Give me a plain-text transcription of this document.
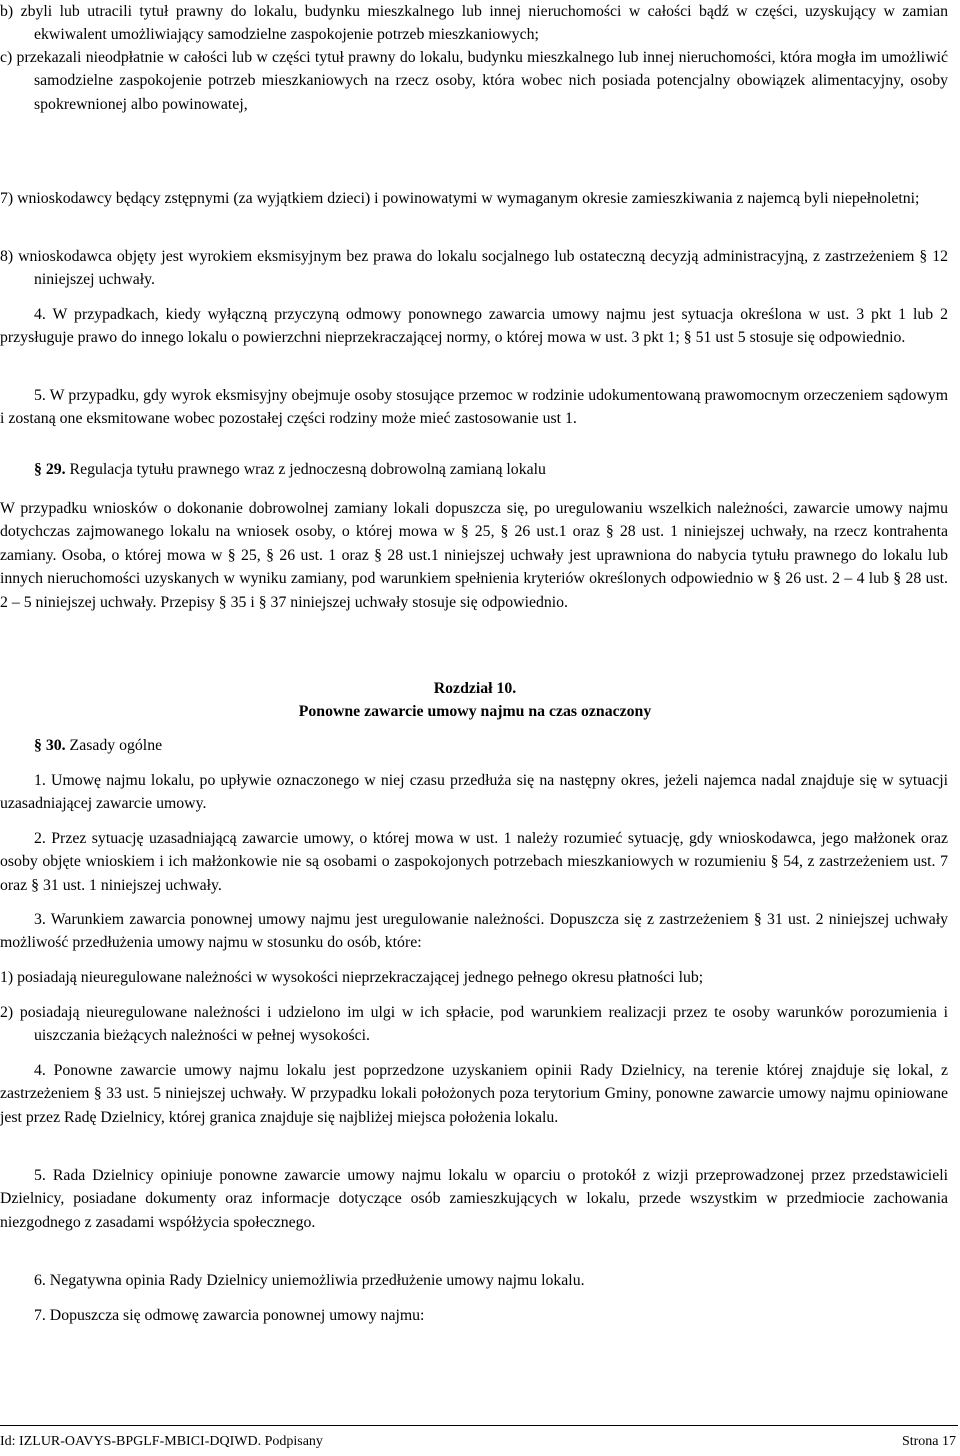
b) zbyli lub utracili tytuł prawny do lokalu, budynku mieszkalnego lub innej nieruchomości w całości bądź w części, uzyskujący w zamian ekwiwalent umożliwiający samodzielne zaspokojenie potrzeb mieszkaniowych;

c) przekazali nieodpłatnie w całości lub w części tytuł prawny do lokalu, budynku mieszkalnego lub innej nieruchomości, która mogła im umożliwić samodzielne zaspokojenie potrzeb mieszkaniowych na rzecz osoby, która wobec nich posiada potencjalny obowiązek alimentacyjny, osoby spokrewnionej albo powinowatej,

7) wnioskodawcy będący zstępnymi (za wyjątkiem dzieci) i powinowatymi w wymaganym okresie zamieszkiwania z najemcą byli niepełnoletni;

8) wnioskodawca objęty jest wyrokiem eksmisyjnym bez prawa do lokalu socjalnego lub ostateczną decyzją administracyjną, z zastrzeżeniem § 12 niniejszej uchwały.

4. W przypadkach, kiedy wyłączną przyczyną odmowy ponownego zawarcia umowy najmu jest sytuacja określona w ust. 3 pkt 1 lub 2 przysługuje prawo do innego lokalu o powierzchni nieprzekraczającej normy, o której mowa w ust. 3 pkt 1; § 51 ust 5 stosuje się odpowiednio.

5. W przypadku, gdy wyrok eksmisyjny obejmuje osoby stosujące przemoc w rodzinie udokumentowaną prawomocnym orzeczeniem sądowym i zostaną one eksmitowane wobec pozostałej części rodziny może mieć zastosowanie ust 1.

§ 29. Regulacja tytułu prawnego wraz z jednoczesną dobrowolną zamianą lokalu

W przypadku wniosków o dokonanie dobrowolnej zamiany lokali dopuszcza się, po uregulowaniu wszelkich należności, zawarcie umowy najmu dotychczas zajmowanego lokalu na wniosek osoby, o której mowa w § 25, § 26 ust.1 oraz § 28 ust. 1 niniejszej uchwały, na rzecz kontrahenta zamiany. Osoba, o której mowa w § 25, § 26 ust. 1 oraz § 28 ust.1 niniejszej uchwały jest uprawniona do nabycia tytułu prawnego do lokalu lub innych nieruchomości uzyskanych w wyniku zamiany, pod warunkiem spełnienia kryteriów określonych odpowiednio w § 26 ust. 2 – 4 lub § 28 ust. 2 – 5 niniejszej uchwały. Przepisy § 35 i § 37 niniejszej uchwały stosuje się odpowiednio.

Rozdział 10.

Ponowne zawarcie umowy najmu na czas oznaczony

§ 30. Zasady ogólne

1. Umowę najmu lokalu, po upływie oznaczonego w niej czasu przedłuża się na następny okres, jeżeli najemca nadal znajduje się w sytuacji uzasadniającej zawarcie umowy.

2. Przez sytuację uzasadniającą zawarcie umowy, o której mowa w ust. 1 należy rozumieć sytuację, gdy wnioskodawca, jego małżonek oraz osoby objęte wnioskiem i ich małżonkowie nie są osobami o zaspokojonych potrzebach mieszkaniowych w rozumieniu § 54, z zastrzeżeniem ust. 7 oraz § 31 ust. 1 niniejszej uchwały.

3. Warunkiem zawarcia ponownej umowy najmu jest uregulowanie należności. Dopuszcza się z zastrzeżeniem § 31 ust. 2 niniejszej uchwały możliwość przedłużenia umowy najmu w stosunku do osób, które:

1) posiadają nieuregulowane należności w wysokości nieprzekraczającej jednego pełnego okresu płatności lub;

2) posiadają nieuregulowane należności i udzielono im ulgi w ich spłacie, pod warunkiem realizacji przez te osoby warunków porozumienia i uiszczania bieżących należności w pełnej wysokości.

4. Ponowne zawarcie umowy najmu lokalu jest poprzedzone uzyskaniem opinii Rady Dzielnicy, na terenie której znajduje się lokal, z zastrzeżeniem § 33 ust. 5 niniejszej uchwały. W przypadku lokali położonych poza terytorium Gminy, ponowne zawarcie umowy najmu opiniowane jest przez Radę Dzielnicy, której granica znajduje się najbliżej miejsca położenia lokalu.

5. Rada Dzielnicy opiniuje ponowne zawarcie umowy najmu lokalu w oparciu o protokół z wizji przeprowadzonej przez przedstawicieli Dzielnicy, posiadane dokumenty oraz informacje dotyczące osób zamieszkujących w lokalu, przede wszystkim w przedmiocie zachowania niezgodnego z zasadami współżycia społecznego.

6. Negatywna opinia Rady Dzielnicy uniemożliwia przedłużenie umowy najmu lokalu.

7. Dopuszcza się odmowę zawarcia ponownej umowy najmu:

Id: IZLUR-OAVYS-BPGLF-MBICI-DQIWD. Podpisany	Strona 17
